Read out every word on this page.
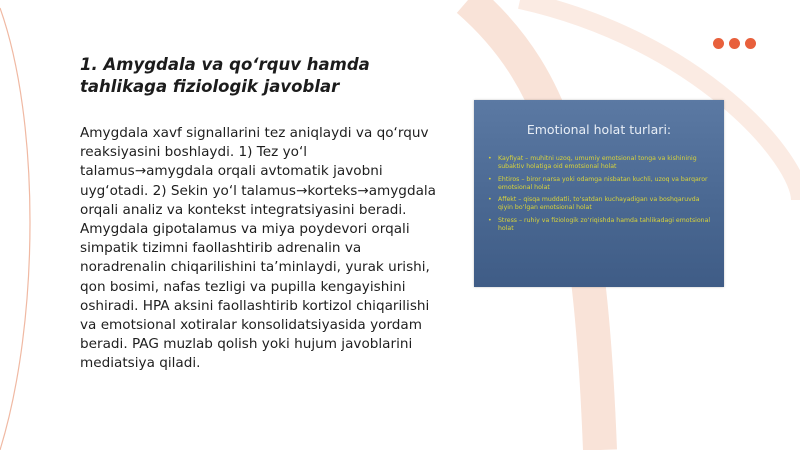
1. Amygdala va qo‘rquv hamda tahlikaga fiziologik javoblar

Amygdala xavf signallarini tez aniqlaydi va qo‘rquv reaksiyasini boshlaydi. 1) Tez yo‘l talamus→amygdala orqali avtomatik javobni uyg‘otadi. 2) Sekin yo‘l talamus→korteks→amygdala orqali analiz va kontekst integratsiyasini beradi. Amygdala gipotalamus va miya poydevori orqali simpatik tizimni faollashtirib adrenalin va noradrenalin chiqarilishini ta’minlaydi, yurak urishi, qon bosimi, nafas tezligi va pupilla kengayishini oshiradi. HPA aksini faollashtirib kortizol chiqarilishi va emotsional xotiralar konsolidatsiyasida yordam beradi. PAG muzlab qolish yoki hujum javoblarini mediatsiya qiladi.

Emotional holat turlari:
• Kayfiyat – muhitni uzoq, umumiy emotsional tonga va kishininig subaktiv holatiga oid emotsional holat
• Ehtiros – biror narsa yoki odamga nisbatan kuchli, uzoq va barqaror emotsional holat
• Affekt – qisqa muddatli, to‘satdan kuchayadigan va boshqaruvda qiyin bo‘lgan emotsional holat
• Stress – ruhiy va fiziologik zo‘riqishda hamda tahlikadagi emotsional holat
